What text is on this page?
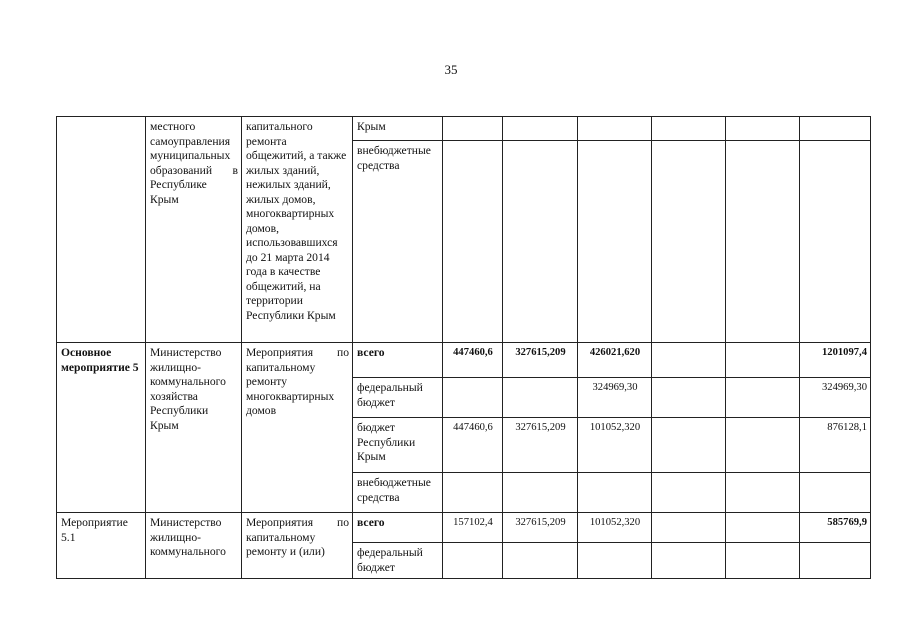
35
	местного самоуправления муниципальных образований в Республике Крым	капитального ремонта общежитий, а также жилых зданий, нежилых зданий, жилых домов, многоквартирных домов, использовавшихся до 21 марта 2014 года в качестве общежитий, на территории Республики Крым	Крым						
			внебюджетные средства						
Основное мероприятие 5	Министерство жилищно-коммунального хозяйства Республики Крым	Мероприятия по капитальному ремонту многоквартирных домов	всего	447460,6	327615,209	426021,620			1201097,4
			федеральный бюджет			324969,30			324969,30
			бюджет Республики Крым	447460,6	327615,209	101052,320			876128,1
			внебюджетные средства						
Мероприятие 5.1	Министерство жилищно-коммунального	Мероприятия по капитальному ремонту и (или)	всего	157102,4	327615,209	101052,320			585769,9
			федеральный бюджет						
